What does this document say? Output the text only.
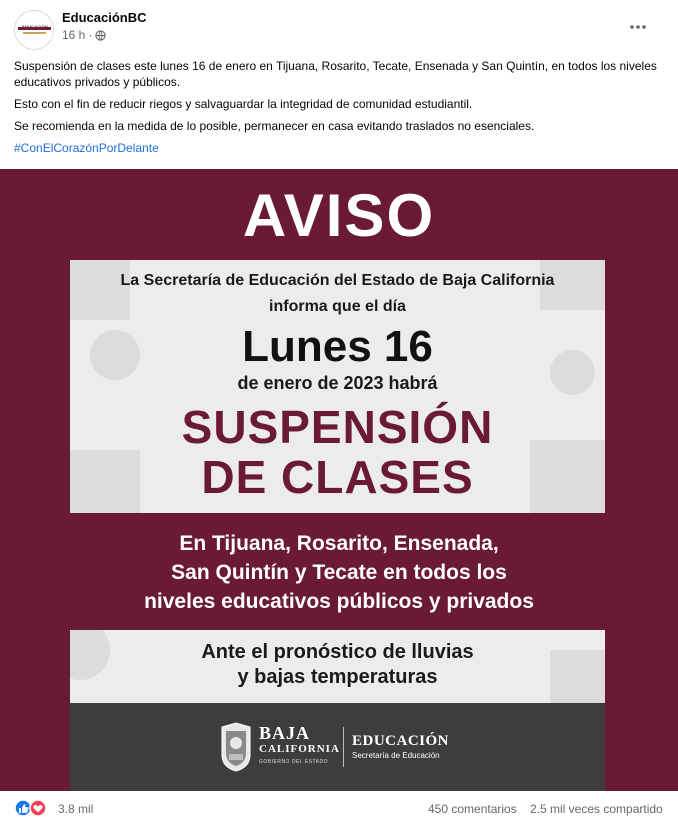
EDUCACIÓN
EducaciónBC
16 h ·

Suspensión de clases este lunes 16 de enero en Tijuana, Rosarito, Tecate, Ensenada y San Quintín, en todos los niveles educativos privados y públicos.

Esto con el fin de reducir riegos y salvaguardar la integridad de comunidad estudiantil.

Se recomienda en la medida de lo posible, permanecer en casa evitando traslados no esenciales.

#ConElCorazónPorDelante

AVISO
La Secretaría de Educación del Estado de Baja California
informa que el día
Lunes 16
de enero de 2023 habrá
SUSPENSIÓN
DE CLASES
En Tijuana, Rosarito, Ensenada,
San Quintín y Tecate en todos los
niveles educativos públicos y privados
Ante el pronóstico de lluvias
y bajas temperaturas
BAJA
CALIFORNIA
GOBIERNO DEL ESTADO
EDUCACIÓN
Secretaría de Educación
3.8 mil	450 comentarios 2.5 mil veces compartido
